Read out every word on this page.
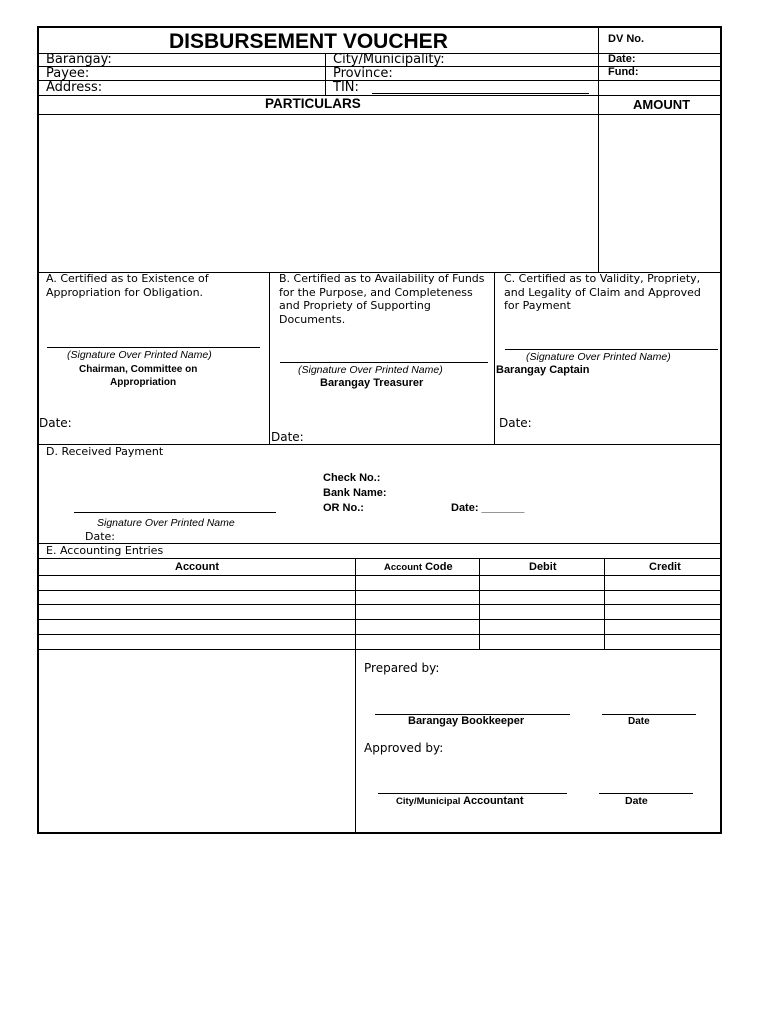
DISBURSEMENT VOUCHER	DV No.
Date:
Fund:
Barangay:	City/Municipality:
Payee:	Province:
Address:	TIN:
PARTICULARS	AMOUNT
A. Certified as to Existence of
Appropriation for Obligation.
(Signature Over Printed Name)
Chairman, Committee on
Appropriation
Date:
B. Certified as to Availability of Funds
for the Purpose, and Completeness
and Propriety of Supporting
Documents.
(Signature Over Printed Name)
Barangay Treasurer
Date:
C. Certified as to Validity, Propriety,
and Legality of Claim and Approved
for Payment
(Signature Over Printed Name)
Barangay Captain
Date:
D. Received Payment
Check No.:
Bank Name:
OR No.:	Date: _______
Signature Over Printed Name
Date:
E. Accounting Entries
Account	Account Code	Debit	Credit
Prepared by:
Barangay Bookkeeper	Date
Approved by:
City/Municipal Accountant	Date
